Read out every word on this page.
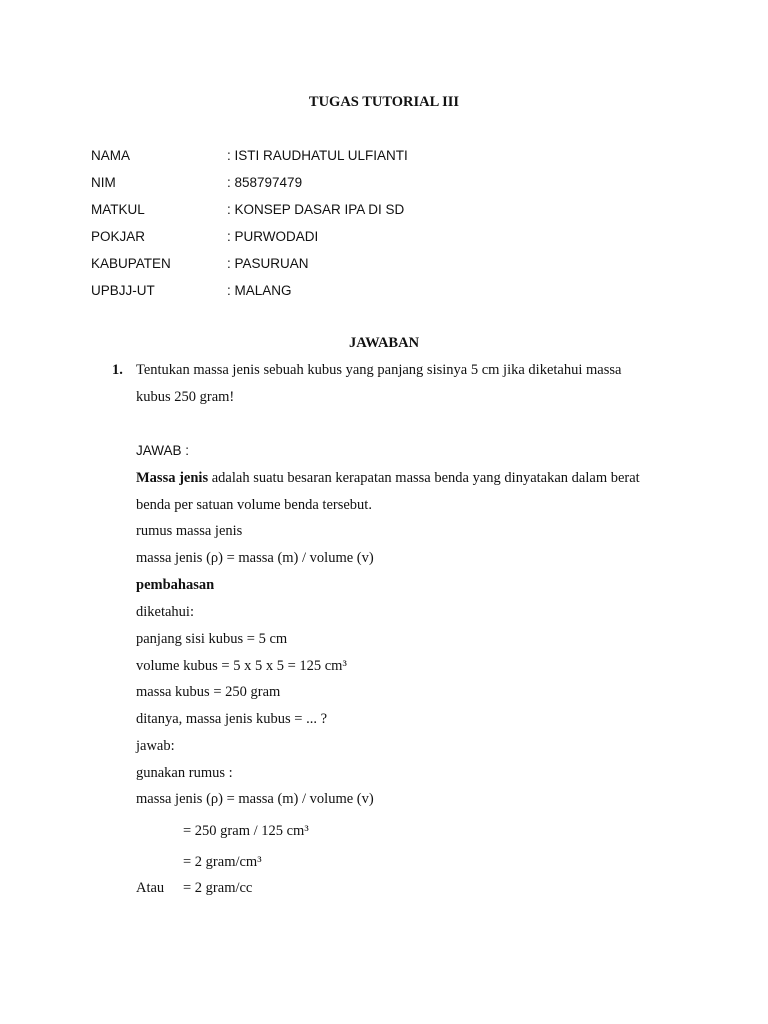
TUGAS TUTORIAL III
NAMA	: ISTI RAUDHATUL ULFIANTI
NIM	: 858797479
MATKUL	: KONSEP DASAR IPA DI SD
POKJAR	: PURWODADI
KABUPATEN	: PASURUAN
UPBJJ-UT	: MALANG
JAWABAN
1. Tentukan massa jenis sebuah kubus yang panjang sisinya 5 cm jika diketahui massa
kubus 250 gram!
JAWAB :
Massa jenis adalah suatu besaran kerapatan massa benda yang dinyatakan dalam berat
benda per satuan volume benda tersebut.
rumus massa jenis
massa jenis (ρ) = massa (m) / volume (v)
pembahasan
diketahui:
panjang sisi kubus = 5 cm
volume kubus = 5 x 5 x 5 = 125 cm³
massa kubus = 250 gram
ditanya, massa jenis kubus = ... ?
jawab:
gunakan rumus :
massa jenis (ρ) = massa (m) / volume (v)
= 250 gram / 125 cm³
= 2 gram/cm³
Atau = 2 gram/cc
